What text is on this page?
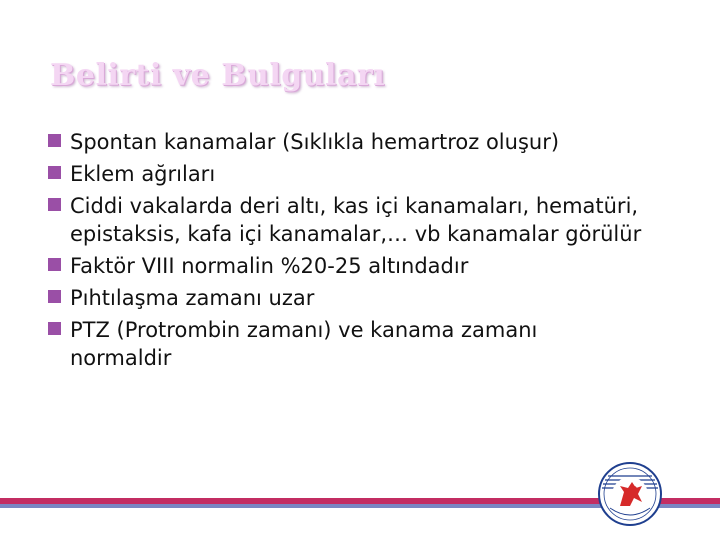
Belirti ve Bulguları
Spontan kanamalar (Sıklıkla hemartroz oluşur)
Eklem ağrıları
Ciddi vakalarda deri altı, kas içi kanamaları, hematüri, epistaksis, kafa içi kanamalar,… vb kanamalar görülür
Faktör VIII normalin %20-25 altındadır
Pıhtılaşma zamanı uzar
PTZ (Protrombin zamanı) ve kanama zamanı normaldir
